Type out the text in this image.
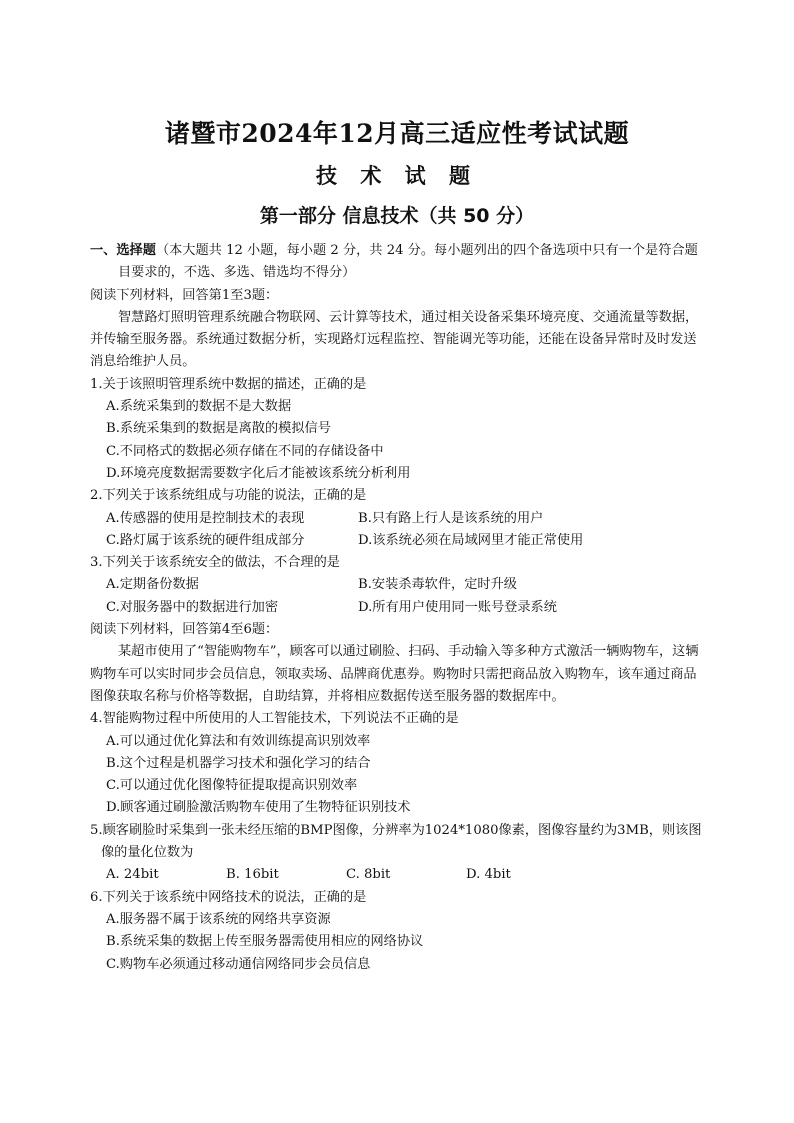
诸暨市2024年12月高三适应性考试试题
技 术 试 题
第一部分 信息技术（共 50 分）

一、选择题（本大题共 12 小题，每小题 2 分，共 24 分。每小题列出的四个备选项中只有一个是符合题目要求的，不选、多选、错选均不得分）

阅读下列材料，回答第1至3题：

智慧路灯照明管理系统融合物联网、云计算等技术，通过相关设备采集环境亮度、交通流量等数据，并传输至服务器。系统通过数据分析，实现路灯远程监控、智能调光等功能，还能在设备异常时及时发送消息给维护人员。

1.关于该照明管理系统中数据的描述，正确的是

A.系统采集到的数据不是大数据

B.系统采集到的数据是离散的模拟信号

C.不同格式的数据必须存储在不同的存储设备中

D.环境亮度数据需要数字化后才能被该系统分析利用

2.下列关于该系统组成与功能的说法，正确的是

A.传感器的使用是控制技术的表现	B.只有路上行人是该系统的用户
C.路灯属于该系统的硬件组成部分	D.该系统必须在局域网里才能正常使用

3.下列关于该系统安全的做法，不合理的是

A.定期备份数据	B.安装杀毒软件，定时升级
C.对服务器中的数据进行加密	D.所有用户使用同一账号登录系统

阅读下列材料，回答第4至6题：

某超市使用了“智能购物车”，顾客可以通过刷脸、扫码、手动输入等多种方式激活一辆购物车，这辆购物车可以实时同步会员信息，领取卖场、品牌商优惠券。购物时只需把商品放入购物车，该车通过商品图像获取名称与价格等数据，自助结算，并将相应数据传送至服务器的数据库中。

4.智能购物过程中所使用的人工智能技术，下列说法不正确的是

A.可以通过优化算法和有效训练提高识别效率

B.这个过程是机器学习技术和强化学习的结合

C.可以通过优化图像特征提取提高识别效率

D.顾客通过刷脸激活购物车使用了生物特征识别技术

5.顾客刷脸时采集到一张未经压缩的BMP图像，分辨率为1024*1080像素，图像容量约为3MB，则该图像的量化位数为

A. 24bit	B. 16bit	C. 8bit	D. 4bit

6.下列关于该系统中网络技术的说法，正确的是

A.服务器不属于该系统的网络共享资源

B.系统采集的数据上传至服务器需使用相应的网络协议

C.购物车必须通过移动通信网络同步会员信息
